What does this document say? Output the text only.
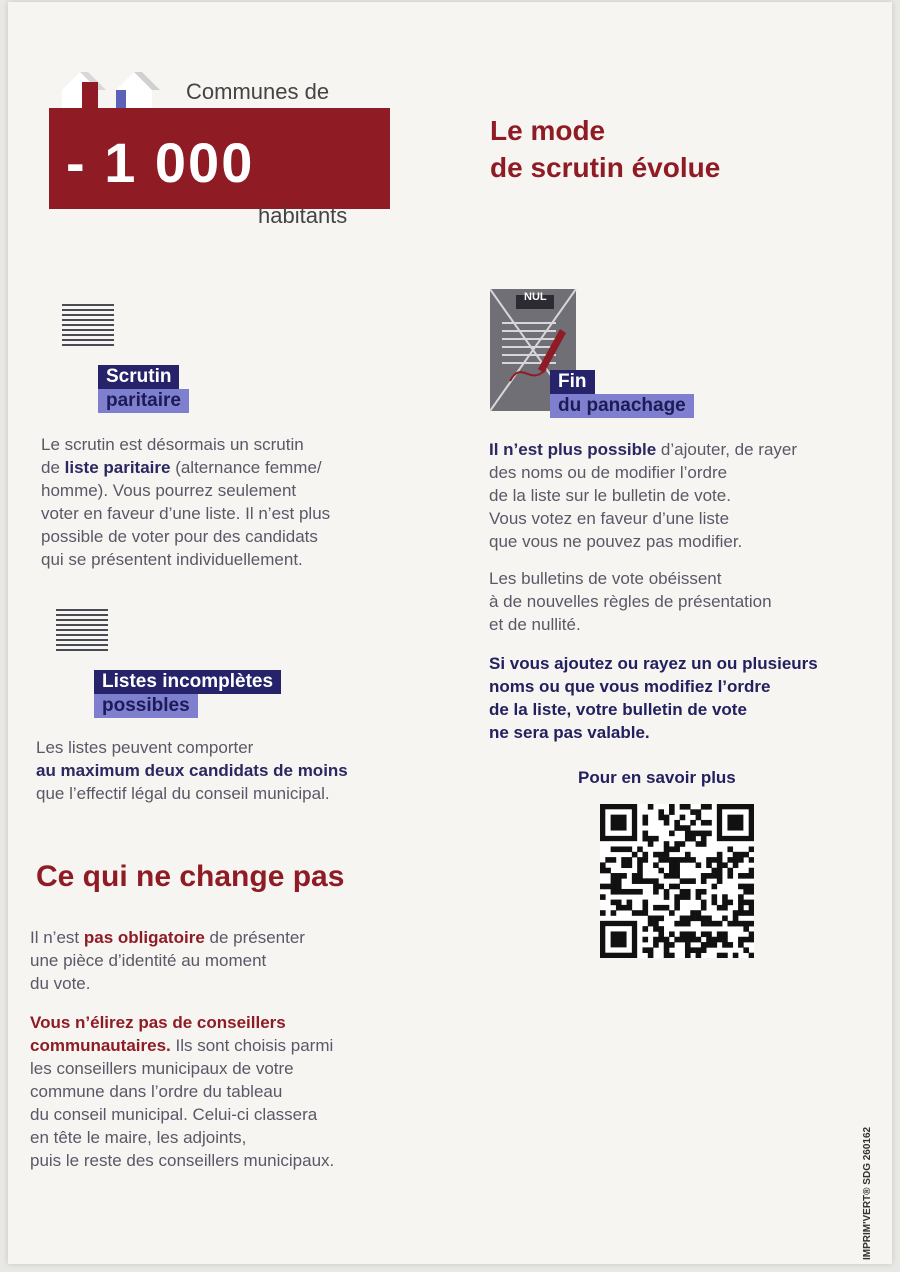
Communes de
- 1 000
habitants
Le mode
de scrutin évolue
Scrutin
paritaire
Le scrutin est désormais un scrutin
de liste paritaire (alternance femme/
homme). Vous pourrez seulement
voter en faveur d’une liste. Il n’est plus
possible de voter pour des candidats
qui se présentent individuellement.
Listes incomplètes
possibles
Les listes peuvent comporter
au maximum deux candidats de moins
que l’effectif légal du conseil municipal.
Ce qui ne change pas
Il n’est pas obligatoire de présenter
une pièce d’identité au moment
du vote.
Vous n’élirez pas de conseillers
communautaires. Ils sont choisis parmi
les conseillers municipaux de votre
commune dans l’ordre du tableau
du conseil municipal. Celui-ci classera
en tête le maire, les adjoints,
puis le reste des conseillers municipaux.
NUL
Fin
du panachage
Il n’est plus possible d’ajouter, de rayer
des noms ou de modifier l’ordre
de la liste sur le bulletin de vote.
Vous votez en faveur d’une liste
que vous ne pouvez pas modifier.
Les bulletins de vote obéissent
à de nouvelles règles de présentation
et de nullité.
Si vous ajoutez ou rayez un ou plusieurs
noms ou que vous modifiez l’ordre
de la liste, votre bulletin de vote
ne sera pas valable.
Pour en savoir plus
IMPRIM'VERT® SDG 260162
